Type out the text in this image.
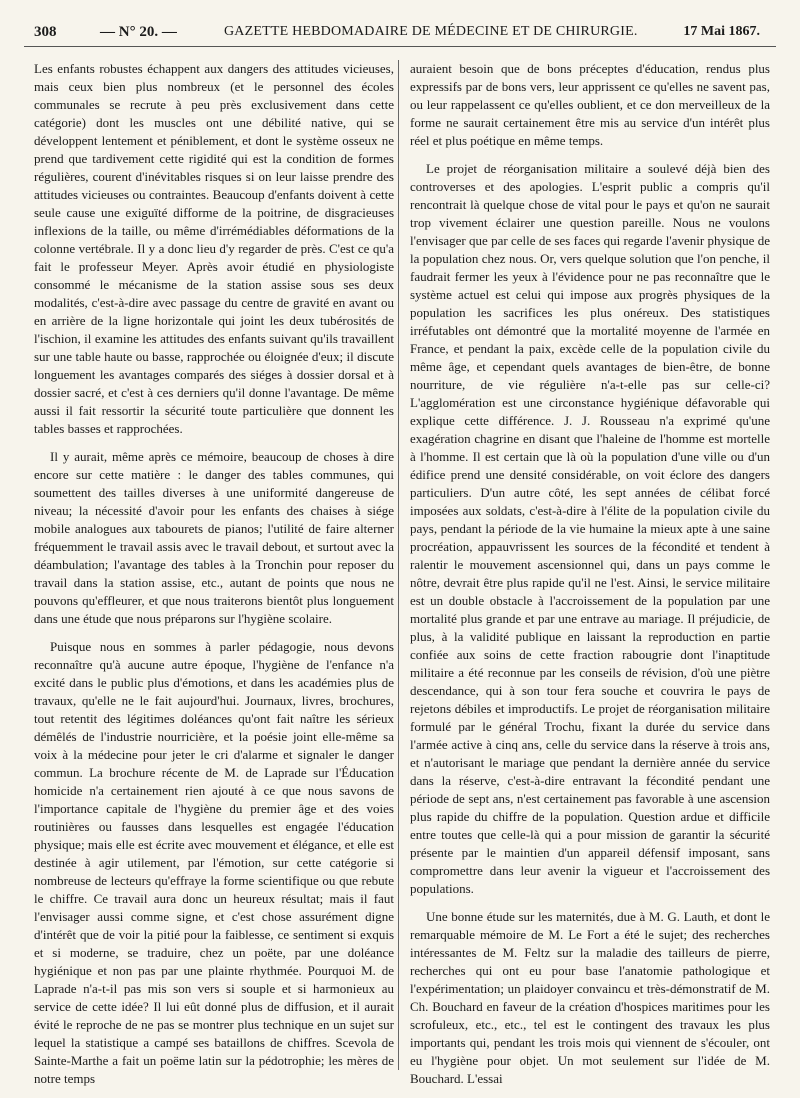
308	— N° 20. —	GAZETTE HEBDOMADAIRE DE MÉDECINE ET DE CHIRURGIE.	17 Mai 1867.

Les enfants robustes échappent aux dangers des attitudes vicieuses, mais ceux bien plus nombreux (et le personnel des écoles communales se recrute à peu près exclusivement dans cette catégorie) dont les muscles ont une débilité native, qui se développent lentement et péniblement, et dont le système osseux ne prend que tardivement cette rigidité qui est la condition de formes régulières, courent d'inévitables risques si on leur laisse prendre des attitudes vicieuses ou contraintes. Beaucoup d'enfants doivent à cette seule cause une exiguïté difforme de la poitrine, de disgracieuses inflexions de la taille, ou même d'irrémédiables déformations de la colonne vertébrale. Il y a donc lieu d'y regarder de près. C'est ce qu'a fait le professeur Meyer. Après avoir étudié en physiologiste consommé le mécanisme de la station assise sous ses deux modalités, c'est-à-dire avec passage du centre de gravité en avant ou en arrière de la ligne horizontale qui joint les deux tubérosités de l'ischion, il examine les attitudes des enfants suivant qu'ils travaillent sur une table haute ou basse, rapprochée ou éloignée d'eux; il discute longuement les avantages comparés des siéges à dossier dorsal et à dossier sacré, et c'est à ces derniers qu'il donne l'avantage. De même aussi il fait ressortir la sécurité toute particulière que donnent les tables basses et rapprochées.

Il y aurait, même après ce mémoire, beaucoup de choses à dire encore sur cette matière : le danger des tables communes, qui soumettent des tailles diverses à une uniformité dangereuse de niveau; la nécessité d'avoir pour les enfants des chaises à siége mobile analogues aux tabourets de pianos; l'utilité de faire alterner fréquemment le travail assis avec le travail debout, et surtout avec la déambulation; l'avantage des tables à la Tronchin pour reposer du travail dans la station assise, etc., autant de points que nous ne pouvons qu'effleurer, et que nous traiterons bientôt plus longuement dans une étude que nous préparons sur l'hygiène scolaire.

Puisque nous en sommes à parler pédagogie, nous devons reconnaître qu'à aucune autre époque, l'hygiène de l'enfance n'a excité dans le public plus d'émotions, et dans les académies plus de travaux, qu'elle ne le fait aujourd'hui. Journaux, livres, brochures, tout retentit des légitimes doléances qu'ont fait naître les sérieux démêlés de l'industrie nourricière, et la poésie joint elle-même sa voix à la médecine pour jeter le cri d'alarme et signaler le danger commun. La brochure récente de M. de Laprade sur l'Éducation homicide n'a certainement rien ajouté à ce que nous savons de l'importance capitale de l'hygiène du premier âge et des voies routinières ou fausses dans lesquelles est engagée l'éducation physique; mais elle est écrite avec mouvement et élégance, et elle est destinée à agir utilement, par l'émotion, sur cette catégorie si nombreuse de lecteurs qu'effraye la forme scientifique ou que rebute le chiffre. Ce travail aura donc un heureux résultat; mais il faut l'envisager aussi comme signe, et c'est chose assurément digne d'intérêt que de voir la pitié pour la faiblesse, ce sentiment si exquis et si moderne, se traduire, chez un poëte, par une doléance hygiénique et non pas par une plainte rhythmée. Pourquoi M. de Laprade n'a-t-il pas mis son vers si souple et si harmonieux au service de cette idée? Il lui eût donné plus de diffusion, et il aurait évité le reproche de ne pas se montrer plus technique en un sujet sur lequel la statistique a campé ses bataillons de chiffres. Scevola de Sainte-Marthe a fait un poëme latin sur la pédotrophie; les mères de notre temps

auraient besoin que de bons préceptes d'éducation, rendus plus expressifs par de bons vers, leur apprissent ce qu'elles ne savent pas, ou leur rappelassent ce qu'elles oublient, et ce don merveilleux de la forme ne saurait certainement être mis au service d'un intérêt plus réel et plus poétique en même temps.

Le projet de réorganisation militaire a soulevé déjà bien des controverses et des apologies. L'esprit public a compris qu'il rencontrait là quelque chose de vital pour le pays et qu'on ne saurait trop vivement éclairer une question pareille. Nous ne voulons l'envisager que par celle de ses faces qui regarde l'avenir physique de la population chez nous. Or, vers quelque solution que l'on penche, il faudrait fermer les yeux à l'évidence pour ne pas reconnaître que le système actuel est celui qui impose aux progrès physiques de la population les sacrifices les plus onéreux. Des statistiques irréfutables ont démontré que la mortalité moyenne de l'armée en France, et pendant la paix, excède celle de la population civile du même âge, et cependant quels avantages de bien-être, de bonne nourriture, de vie régulière n'a-t-elle pas sur celle-ci? L'agglomération est une circonstance hygiénique défavorable qui explique cette différence. J. J. Rousseau n'a exprimé qu'une exagération chagrine en disant que l'haleine de l'homme est mortelle à l'homme. Il est certain que là où la population d'une ville ou d'un édifice prend une densité considérable, on voit éclore des dangers particuliers. D'un autre côté, les sept années de célibat forcé imposées aux soldats, c'est-à-dire à l'élite de la population civile du pays, pendant la période de la vie humaine la mieux apte à une saine procréation, appauvrissent les sources de la fécondité et tendent à ralentir le mouvement ascensionnel qui, dans un pays comme le nôtre, devrait être plus rapide qu'il ne l'est. Ainsi, le service militaire est un double obstacle à l'accroissement de la population par une mortalité plus grande et par une entrave au mariage. Il préjudicie, de plus, à la validité publique en laissant la reproduction en partie confiée aux soins de cette fraction rabougrie dont l'inaptitude militaire a été reconnue par les conseils de révision, d'où une piètre descendance, qui à son tour fera souche et couvrira le pays de rejetons débiles et improductifs. Le projet de réorganisation militaire formulé par le général Trochu, fixant la durée du service dans l'armée active à cinq ans, celle du service dans la réserve à trois ans, et n'autorisant le mariage que pendant la dernière année du service dans la réserve, c'est-à-dire entravant la fécondité pendant une période de sept ans, n'est certainement pas favorable à une ascension plus rapide du chiffre de la population. Question ardue et difficile entre toutes que celle-là qui a pour mission de garantir la sécurité présente par le maintien d'un appareil défensif imposant, sans compromettre dans leur avenir la vigueur et l'accroissement des populations.

Une bonne étude sur les maternités, due à M. G. Lauth, et dont le remarquable mémoire de M. Le Fort a été le sujet; des recherches intéressantes de M. Feltz sur la maladie des tailleurs de pierre, recherches qui ont eu pour base l'anatomie pathologique et l'expérimentation; un plaidoyer convaincu et très-démonstratif de M. Ch. Bouchard en faveur de la création d'hospices maritimes pour les scrofuleux, etc., etc., tel est le contingent des travaux les plus importants qui, pendant les trois mois qui viennent de s'écouler, ont eu l'hygiène pour objet. Un mot seulement sur l'idée de M. Bouchard. L'essai
